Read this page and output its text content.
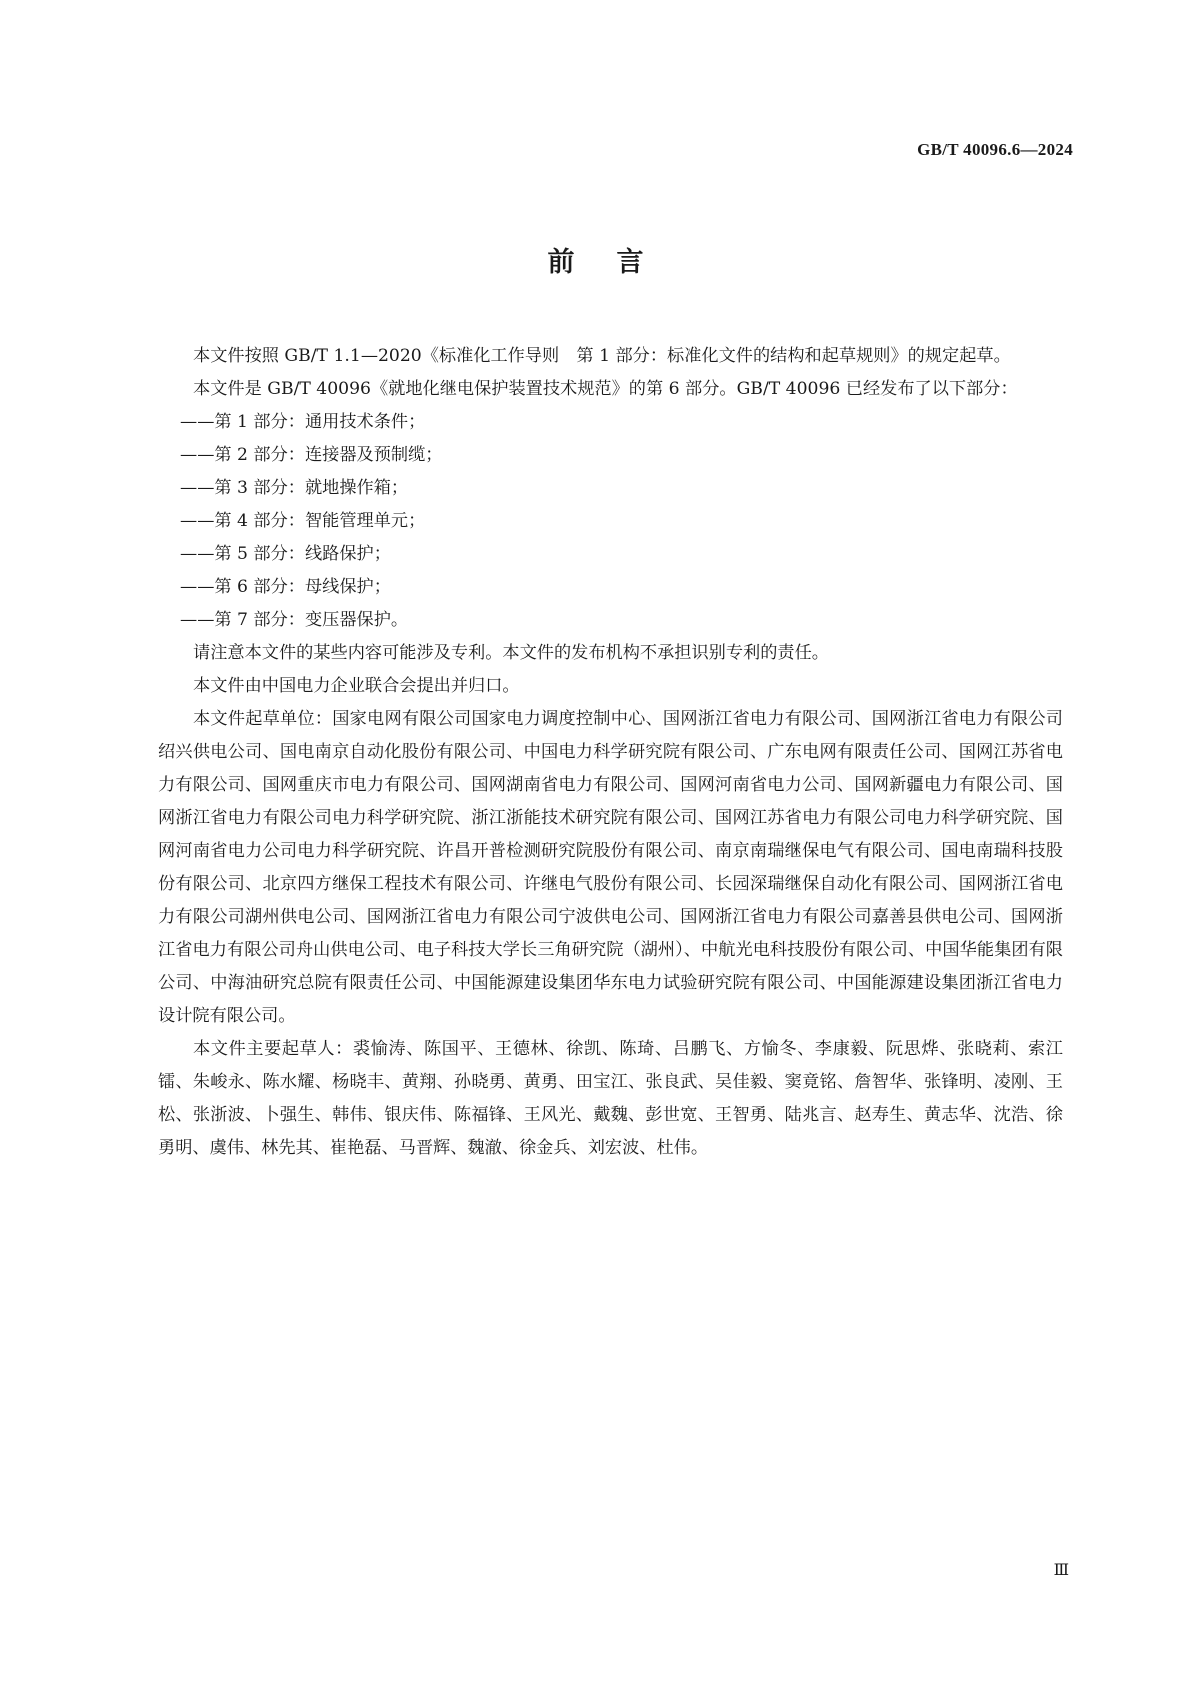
GB/T 40096.6—2024
前言

本文件按照 GB/T 1.1—2020《标准化工作导则　第 1 部分：标准化文件的结构和起草规则》的规定起草。

本文件是 GB/T 40096《就地化继电保护装置技术规范》的第 6 部分。GB/T 40096 已经发布了以下部分：

——第 1 部分：通用技术条件；
——第 2 部分：连接器及预制缆；
——第 3 部分：就地操作箱；
——第 4 部分：智能管理单元；
——第 5 部分：线路保护；
——第 6 部分：母线保护；
——第 7 部分：变压器保护。

请注意本文件的某些内容可能涉及专利。本文件的发布机构不承担识别专利的责任。

本文件由中国电力企业联合会提出并归口。

本文件起草单位：国家电网有限公司国家电力调度控制中心、国网浙江省电力有限公司、国网浙江省电力有限公司绍兴供电公司、国电南京自动化股份有限公司、中国电力科学研究院有限公司、广东电网有限责任公司、国网江苏省电力有限公司、国网重庆市电力有限公司、国网湖南省电力有限公司、国网河南省电力公司、国网新疆电力有限公司、国网浙江省电力有限公司电力科学研究院、浙江浙能技术研究院有限公司、国网江苏省电力有限公司电力科学研究院、国网河南省电力公司电力科学研究院、许昌开普检测研究院股份有限公司、南京南瑞继保电气有限公司、国电南瑞科技股份有限公司、北京四方继保工程技术有限公司、许继电气股份有限公司、长园深瑞继保自动化有限公司、国网浙江省电力有限公司湖州供电公司、国网浙江省电力有限公司宁波供电公司、国网浙江省电力有限公司嘉善县供电公司、国网浙江省电力有限公司舟山供电公司、电子科技大学长三角研究院（湖州）、中航光电科技股份有限公司、中国华能集团有限公司、中海油研究总院有限责任公司、中国能源建设集团华东电力试验研究院有限公司、中国能源建设集团浙江省电力设计院有限公司。

本文件主要起草人：裘愉涛、陈国平、王德林、徐凯、陈琦、吕鹏飞、方愉冬、李康毅、阮思烨、张晓莉、索江镭、朱峻永、陈水耀、杨晓丰、黄翔、孙晓勇、黄勇、田宝江、张良武、吴佳毅、窦竟铭、詹智华、张锋明、凌刚、王松、张浙波、卜强生、韩伟、银庆伟、陈福锋、王风光、戴魏、彭世宽、王智勇、陆兆言、赵寿生、黄志华、沈浩、徐勇明、虞伟、林先其、崔艳磊、马晋辉、魏澈、徐金兵、刘宏波、杜伟。

Ⅲ
